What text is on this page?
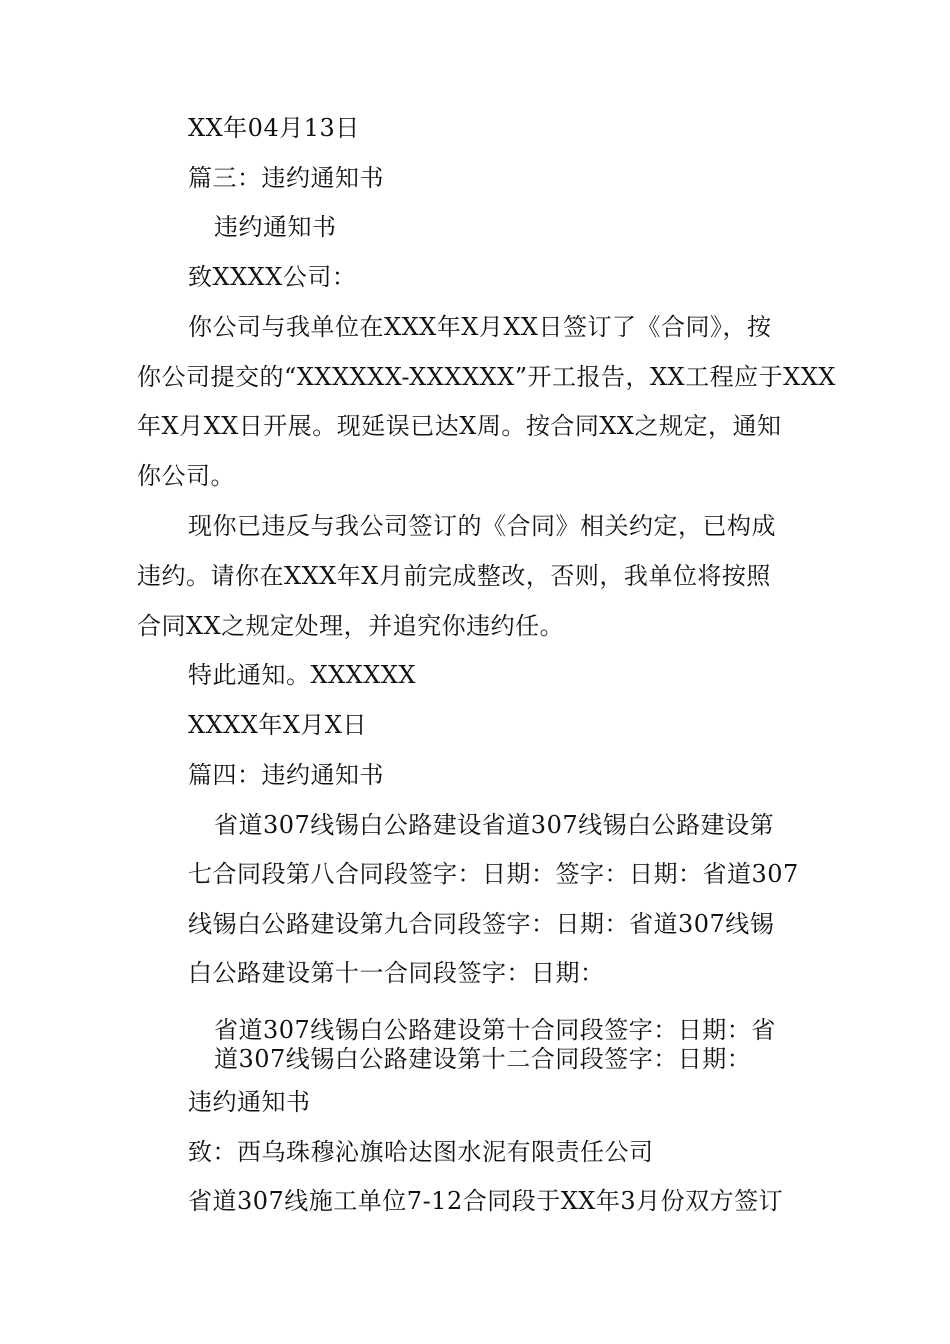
XX年04月13日
篇三：违约通知书
违约通知书
致XXXX公司：
你公司与我单位在XXX年X月XX日签订了《合同》，按
你公司提交的“XXXXXX-XXXXXX”开工报告，XX工程应于XXX
年X月XX日开展。现延误已达X周。按合同XX之规定，通知
你公司。
现你已违反与我公司签订的《合同》相关约定，已构成
违约。请你在XXX年X月前完成整改，否则，我单位将按照
合同XX之规定处理，并追究你违约任。
特此通知。XXXXXX
XXXX年X月X日
篇四：违约通知书
省道307线锡白公路建设省道307线锡白公路建设第
七合同段第八合同段签字：日期：签字：日期：省道307
线锡白公路建设第九合同段签字：日期：省道307线锡
白公路建设第十一合同段签字：日期：
省道307线锡白公路建设第十合同段签字：日期：省
道307线锡白公路建设第十二合同段签字：日期：
违约通知书
致：西乌珠穆沁旗哈达图水泥有限责任公司
省道307线施工单位7-12合同段于XX年3月份双方签订
